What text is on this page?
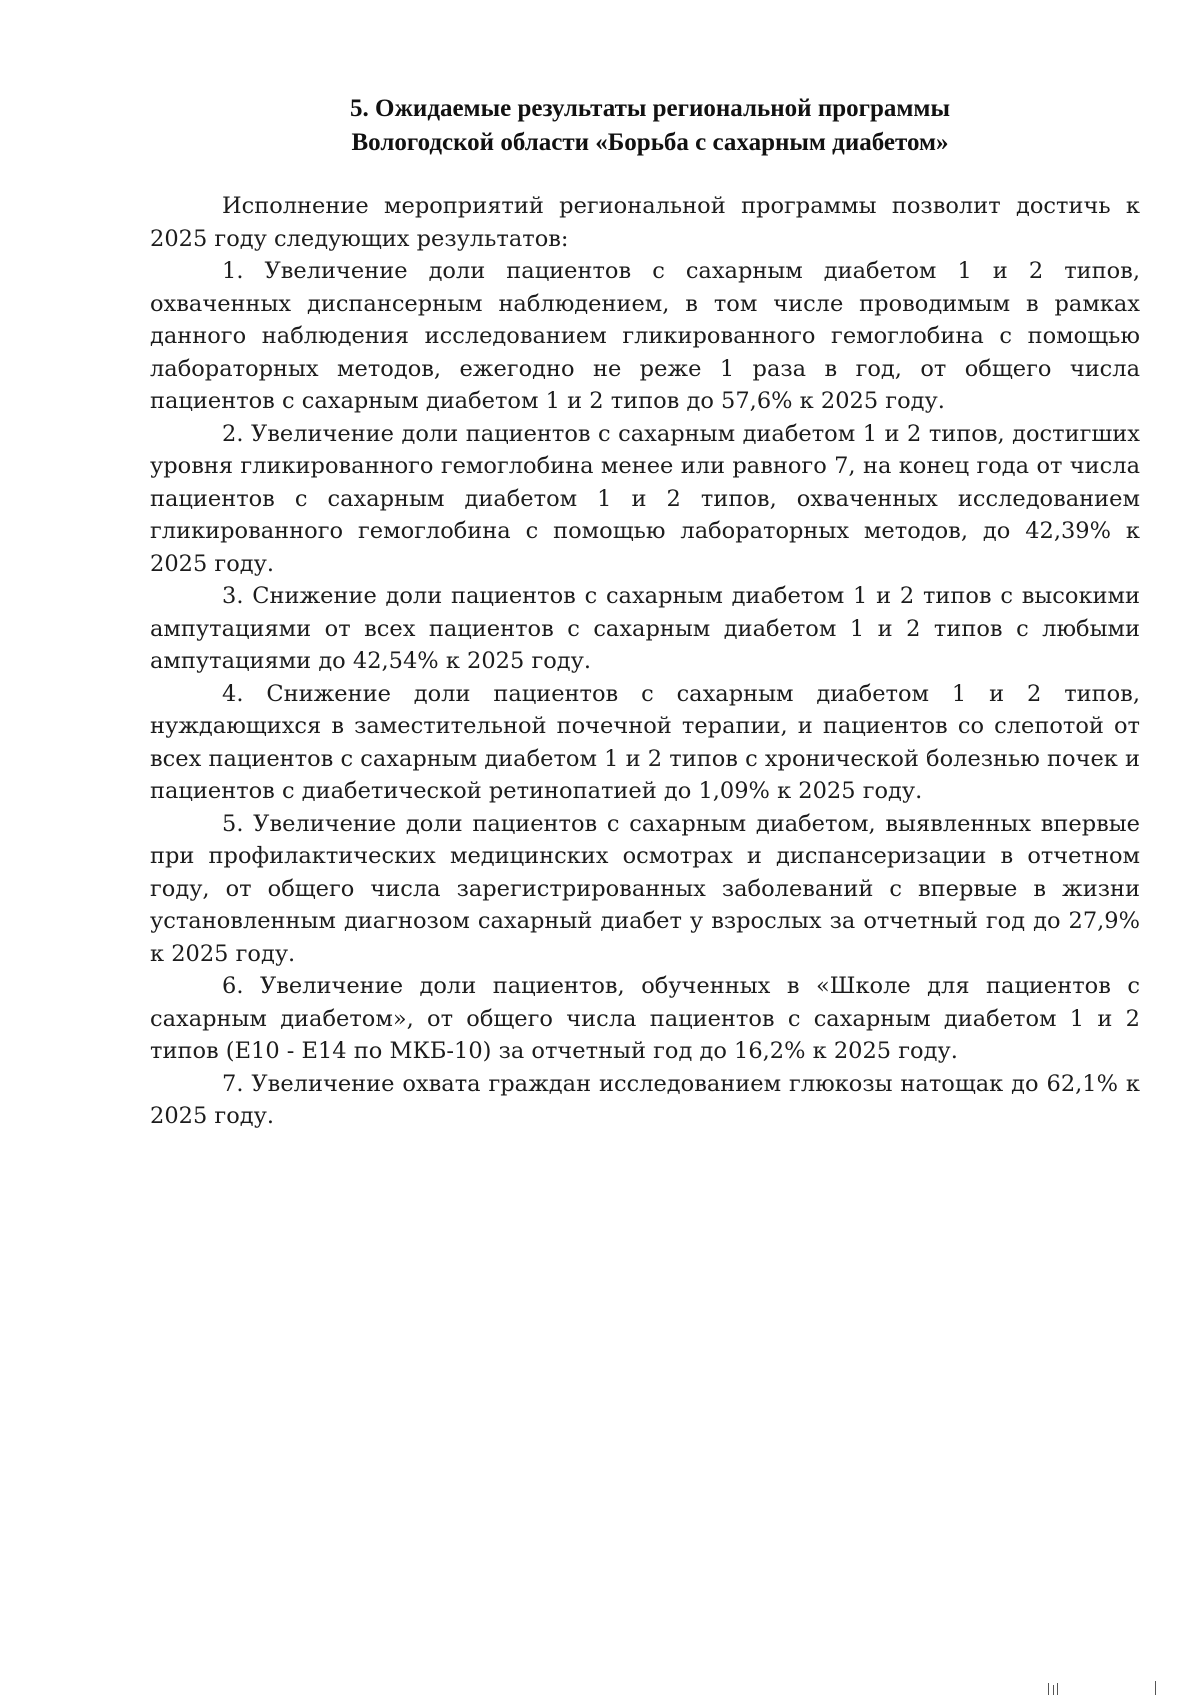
5. Ожидаемые результаты региональной программы
Вологодской области «Борьба с сахарным диабетом»

Исполнение мероприятий региональной программы позволит достичь к 2025 году следующих результатов:

1. Увеличение доли пациентов с сахарным диабетом 1 и 2 типов, охваченных диспансерным наблюдением, в том числе проводимым в рамках данного наблюдения исследованием гликированного гемоглобина с помощью лабораторных методов, ежегодно не реже 1 раза в год, от общего числа пациентов с сахарным диабетом 1 и 2 типов до 57,6% к 2025 году.

2. Увеличение доли пациентов с сахарным диабетом 1 и 2 типов, достигших уровня гликированного гемоглобина менее или равного 7, на конец года от числа пациентов с сахарным диабетом 1 и 2 типов, охваченных исследованием гликированного гемоглобина с помощью лабораторных методов, до 42,39% к 2025 году.

3. Снижение доли пациентов с сахарным диабетом 1 и 2 типов с высокими ампутациями от всех пациентов с сахарным диабетом 1 и 2 типов с любыми ампутациями до 42,54% к 2025 году.

4. Снижение доли пациентов с сахарным диабетом 1 и 2 типов, нуждающихся в заместительной почечной терапии, и пациентов со слепотой от всех пациентов с сахарным диабетом 1 и 2 типов с хронической болезнью почек и пациентов с диабетической ретинопатией до 1,09% к 2025 году.

5. Увеличение доли пациентов с сахарным диабетом, выявленных впервые при профилактических медицинских осмотрах и диспансеризации в отчетном году, от общего числа зарегистрированных заболеваний с впервые в жизни установленным диагнозом сахарный диабет у взрослых за отчетный год до 27,9% к 2025 году.

6. Увеличение доли пациентов, обученных в «Школе для пациентов с сахарным диабетом», от общего числа пациентов с сахарным диабетом 1 и 2 типов (E10 - E14 по МКБ-10) за отчетный год до 16,2% к 2025 году.

7. Увеличение охвата граждан исследованием глюкозы натощак до 62,1% к 2025 году.
